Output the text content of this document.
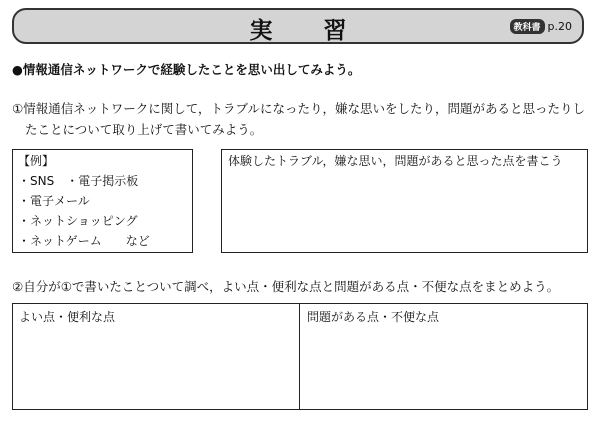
実　習	教科書 p.20
●情報通信ネットワークで経験したことを思い出してみよう。
①情報通信ネットワークに関して，トラブルになったり，嫌な思いをしたり，問題があると思ったりし
たことについて取り上げて書いてみよう。
【例】
・SNS　・電子掲示板
・電子メール
・ネットショッピング
・ネットゲーム　　など
体験したトラブル，嫌な思い，問題があると思った点を書こう
②自分が①で書いたことついて調べ，よい点・便利な点と問題がある点・不便な点をまとめよう。
よい点・便利な点	問題がある点・不便な点
